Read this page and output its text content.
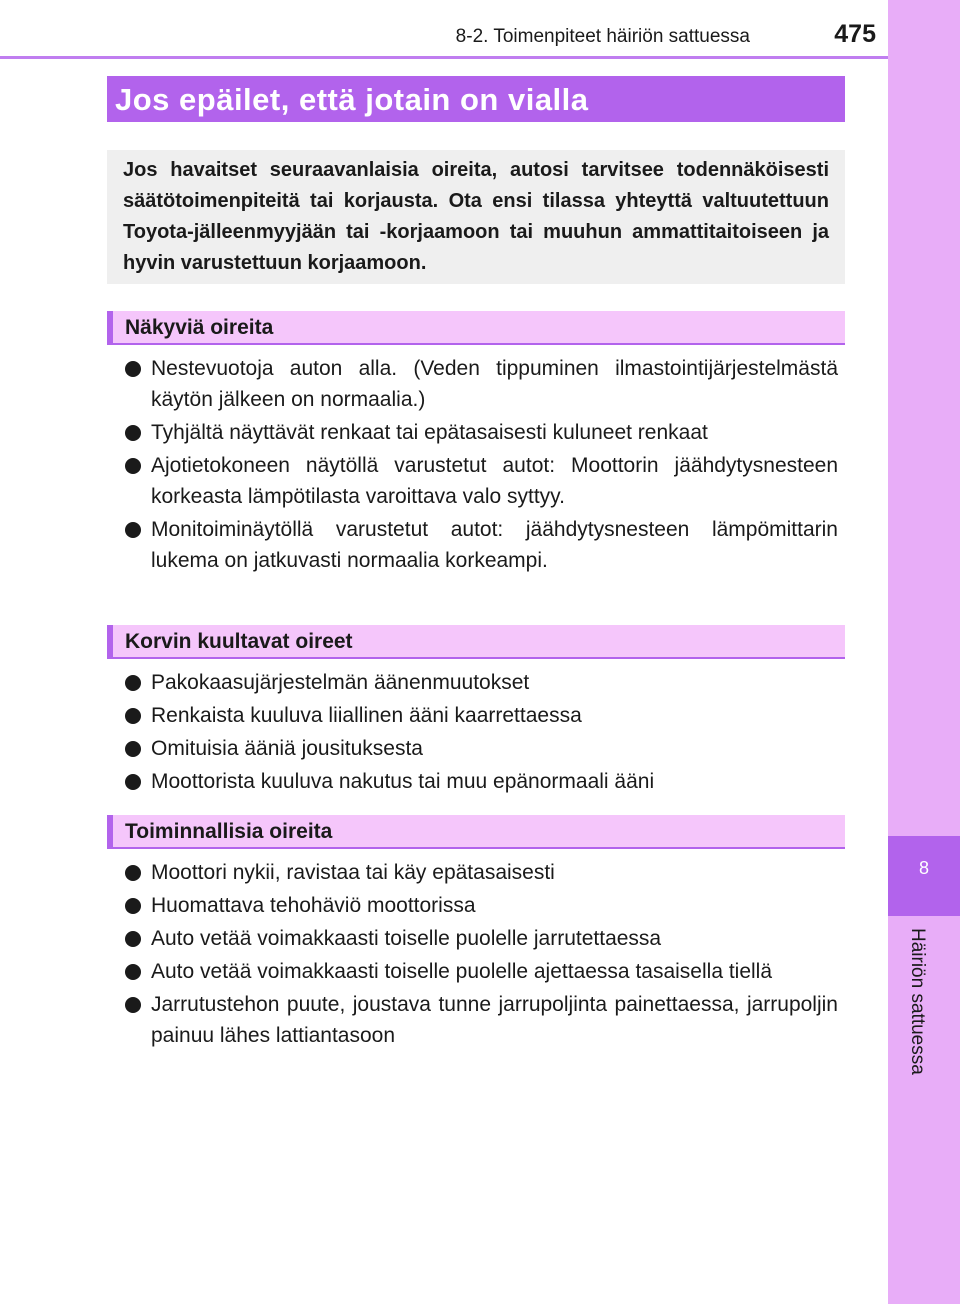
8-2. Toimenpiteet häiriön sattuessa	475
8
Häiriön sattuessa
Jos epäilet, että jotain on vialla

Jos havaitset seuraavanlaisia oireita, autosi tarvitsee todennäköisesti säätötoimenpiteitä tai korjausta. Ota ensi tilassa yhteyttä valtuutettuun Toyota-jälleenmyyjään tai -korjaamoon tai muuhun ammattitaitoiseen ja hyvin varustettuun korjaamoon.

Näkyviä oireita
Nestevuotoja auton alla. (Veden tippuminen ilmastointijärjestelmästä käytön jälkeen on normaalia.)
Tyhjältä näyttävät renkaat tai epätasaisesti kuluneet renkaat
Ajotietokoneen näytöllä varustetut autot: Moottorin jäähdytysnesteen korkeasta lämpötilasta varoittava valo syttyy.
Monitoiminäytöllä varustetut autot: jäähdytysnesteen lämpömittarin lukema on jatkuvasti normaalia korkeampi.
Korvin kuultavat oireet
Pakokaasujärjestelmän äänenmuutokset
Renkaista kuuluva liiallinen ääni kaarrettaessa
Omituisia ääniä jousituksesta
Moottorista kuuluva nakutus tai muu epänormaali ääni
Toiminnallisia oireita
Moottori nykii, ravistaa tai käy epätasaisesti
Huomattava tehohäviö moottorissa
Auto vetää voimakkaasti toiselle puolelle jarrutettaessa
Auto vetää voimakkaasti toiselle puolelle ajettaessa tasaisella tiellä
Jarrutustehon puute, joustava tunne jarrupoljinta painettaessa, jarrupoljin painuu lähes lattiantasoon
